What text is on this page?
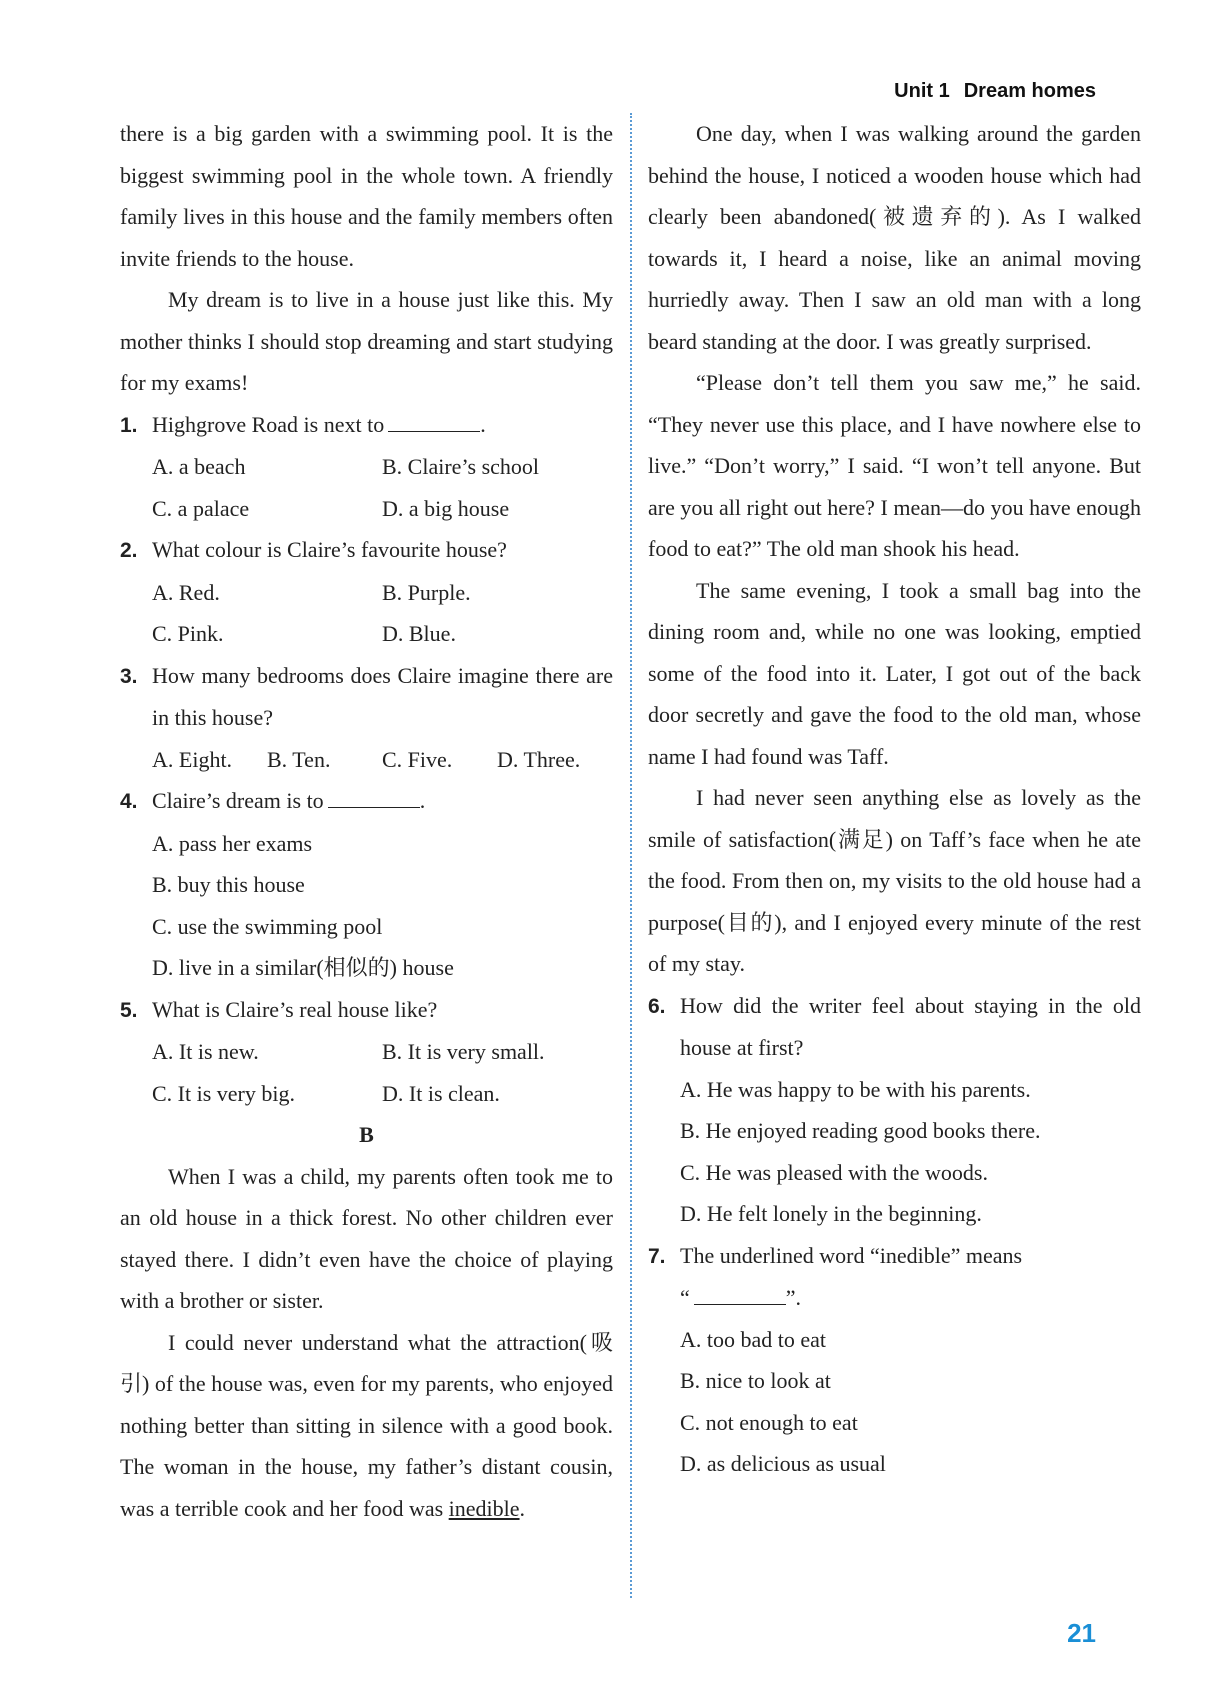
Unit 1 Dream homes
there is a big garden with a swimming pool. It is the biggest swimming pool in the whole town. A friendly family lives in this house and the family members often invite friends to the house.
My dream is to live in a house just like this. My mother thinks I should stop dreaming and start studying for my exams!
1. Highgrove Road is next to	.
A. a beach	B. Claire’s school
C. a palace	D. a big house
2. What colour is Claire’s favourite house?
A. Red.	B. Purple.
C. Pink.	D. Blue.
3. How many bedrooms does Claire imagine there are in this house?
A. Eight.	B. Ten.	C. Five.	D. Three.
4. Claire’s dream is to	.
A. pass her exams
B. buy this house
C. use the swimming pool
D. live in a similar(相似的) house
5. What is Claire’s real house like?
A. It is new.	B. It is very small.
C. It is very big.	D. It is clean.
B
When I was a child, my parents often took me to an old house in a thick forest. No other children ever stayed there. I didn’t even have the choice of playing with a brother or sister.
I could never understand what the attraction(吸引) of the house was, even for my parents, who enjoyed nothing better than sitting in silence with a good book. The woman in the house, my father’s distant cousin, was a terrible cook and her food was inedible.
One day, when I was walking around the garden behind the house, I noticed a wooden house which had clearly been abandoned(被遗弃的). As I walked towards it, I heard a noise, like an animal moving hurriedly away. Then I saw an old man with a long beard standing at the door. I was greatly surprised.
“Please don’t tell them you saw me,” he said. “They never use this place, and I have nowhere else to live.” “Don’t worry,” I said. “I won’t tell anyone. But are you all right out here? I mean—do you have enough food to eat?” The old man shook his head.
The same evening, I took a small bag into the dining room and, while no one was looking, emptied some of the food into it. Later, I got out of the back door secretly and gave the food to the old man, whose name I had found was Taff.
I had never seen anything else as lovely as the smile of satisfaction(满足) on Taff’s face when he ate the food. From then on, my visits to the old house had a purpose(目的), and I enjoyed every minute of the rest of my stay.
6. How did the writer feel about staying in the old house at first?
A. He was happy to be with his parents.
B. He enjoyed reading good books there.
C. He was pleased with the woods.
D. He felt lonely in the beginning.
7. The underlined word “inedible” means
“	”.
A. too bad to eat
B. nice to look at
C. not enough to eat
D. as delicious as usual
21
